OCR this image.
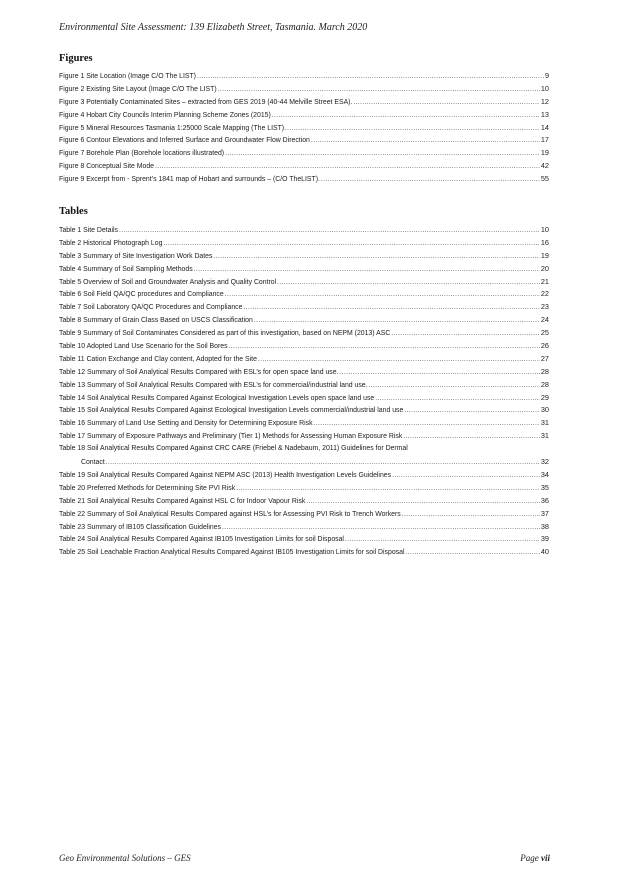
Environmental Site Assessment: 139 Elizabeth Street, Tasmania. March 2020
Figures
Figure 1 Site Location (Image C/O The LIST) .....	9
Figure 2 Existing Site Layout (Image C/O The LIST) .....	10
Figure 3 Potentially Contaminated Sites – extracted from GES 2019 (40-44 Melville Street ESA). .....	12
Figure 4 Hobart City Councils Interim Planning Scheme Zones (2015) .....	13
Figure 5 Mineral Resources Tasmania 1:25000 Scale Mapping (The LIST). .....	14
Figure 6 Contour Elevations and Inferred Surface and Groundwater Flow Direction .....	17
Figure 7 Borehole Plan (Borehole locations illustrated) .....	19
Figure 8 Conceptual Site Mode .....	42
Figure 9 Excerpt from - Sprent’s 1841 map of Hobart and surrounds – (C/O TheLIST). .....	55
Tables
Table 1 Site Details .....	10
Table 2 Historical Photograph Log .....	16
Table 3 Summary of Site Investigation Work Dates .....	19
Table 4 Summary of Soil Sampling Methods .....	20
Table 5 Overview of Soil and Groundwater Analysis and Quality Control .....	21
Table 6 Soil Field QA/QC procedures and Compliance .....	22
Table 7 Soil Laboratory QA/QC Procedures and Compliance .....	23
Table 8 Summary of Grain Class Based on USCS Classification .....	24
Table 9 Summary of Soil Contaminates Considered as part of this investigation, based on NEPM (2013) ASC .....	25
Table 10 Adopted Land Use Scenario for the Soil Bores .....	26
Table 11 Cation Exchange and Clay content, Adopted for the Site .....	27
Table 12 Summary of Soil Analytical Results Compared with ESL’s for open space land use. .....	28
Table 13 Summary of Soil Analytical Results Compared with ESL’s for commercial/industrial land use. .....	28
Table 14 Soil Analytical Results Compared Against Ecological Investigation Levels open space land use .....	29
Table 15 Soil Analytical Results Compared Against Ecological Investigation Levels commercial/industrial land use .....	30
Table 16 Summary of Land Use Setting and Density for Determining Exposure Risk .....	31
Table 17 Summary of Exposure Pathways and Preliminary (Tier 1) Methods for Assessing Human Exposure Risk .....	31
Table 18 Soil Analytical Results Compared Against CRC CARE (Friebel & Nadebaum, 2011) Guidelines for Dermal
Contact .....	32
Table 19 Soil Analytical Results Compared Against NEPM ASC (2013) Health Investigation Levels Guidelines .....	34
Table 20 Preferred Methods for Determining Site PVI Risk .....	35
Table 21 Soil Analytical Results Compared Against HSL C for Indoor Vapour Risk .....	36
Table 22 Summary of Soil Analytical Results Compared against HSL’s for Assessing PVI Risk to Trench Workers .....	37
Table 23 Summary of IB105 Classification Guidelines .....	38
Table 24 Soil Analytical Results Compared Against IB105 Investigation Limits for soil Disposal .....	39
Table 25 Soil Leachable Fraction Analytical Results Compared Against IB105 Investigation Limits for soil Disposal .....	40
Geo Environmental Solutions – GES	Page vii
